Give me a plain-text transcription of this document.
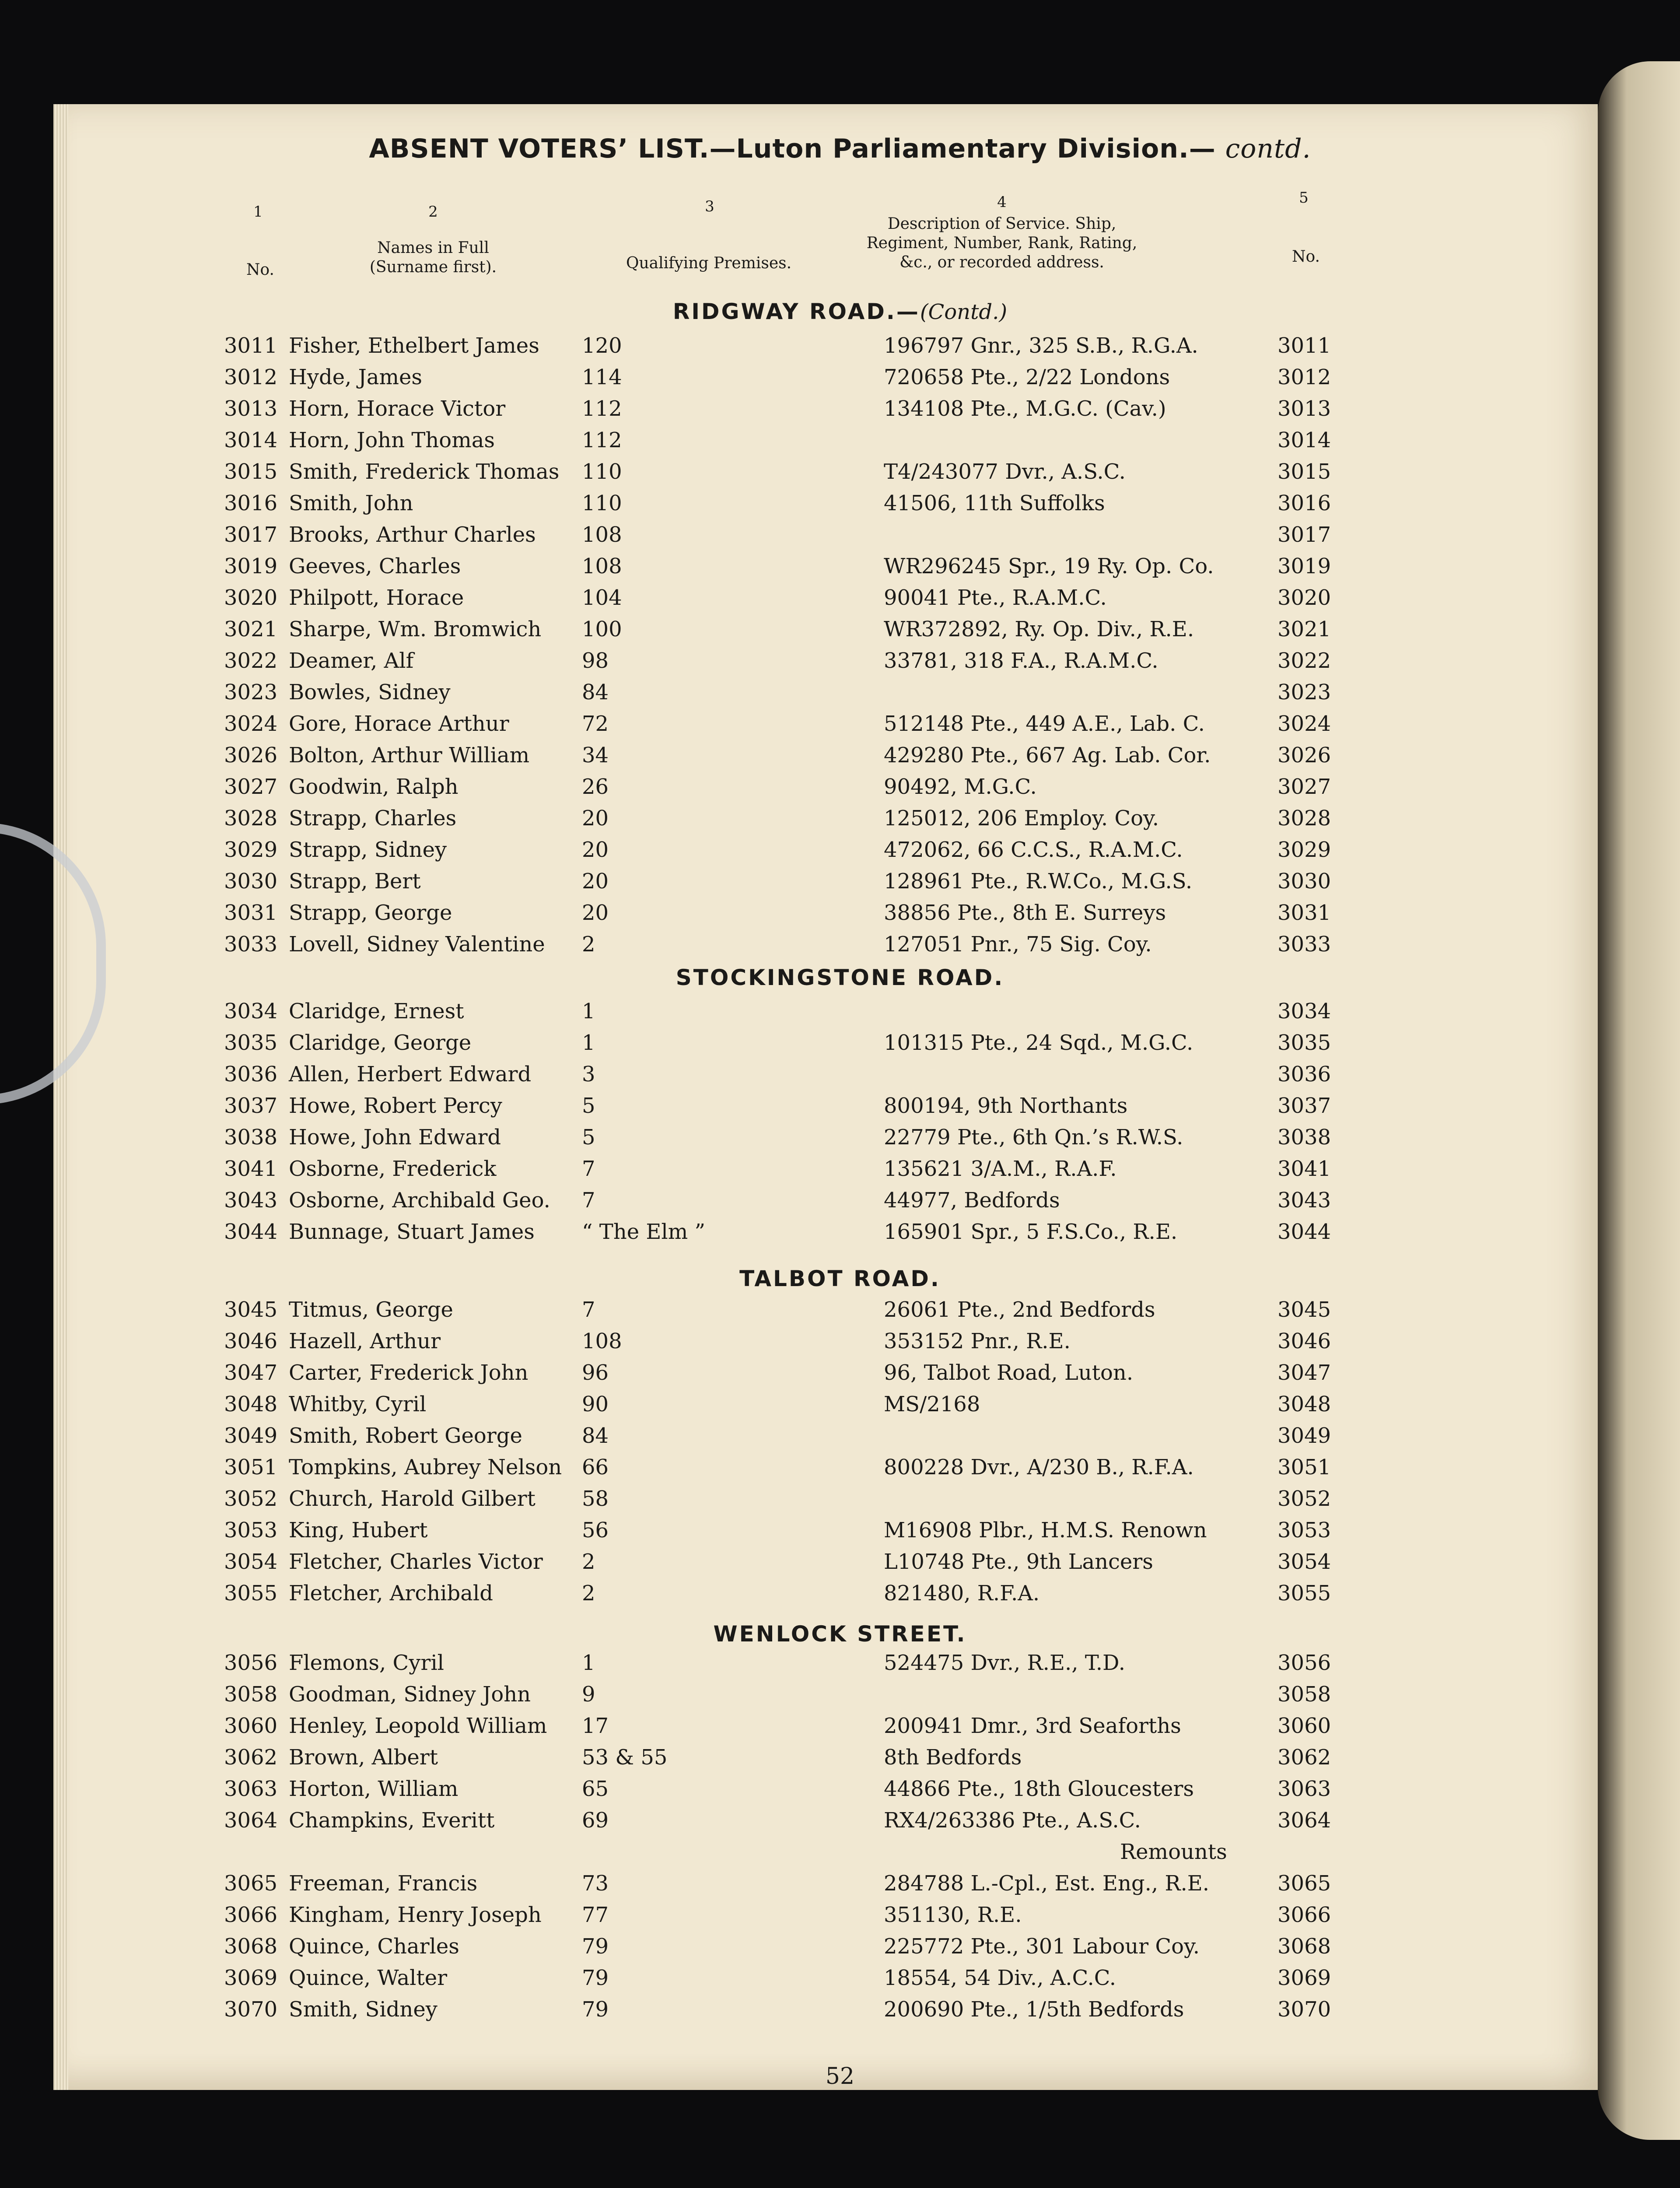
ABSENT VOTERS’ LIST.—Luton Parliamentary Division.— contd.
1	2	3	4	5
No.
Names in Full (Surname first).	Qualifying Premises.
Description of Service. Ship, Regiment, Number, Rank, Rating, &c., or recorded address.	No.
RIDGWAY ROAD.—(Contd.)
3011 Fisher, Ethelbert James 120	196797 Gnr., 325 S.B., R.G.A.	3011
3012 Hyde, James	114	720658 Pte., 2/22 Londons	3012
3013 Horn, Horace Victor	112	134108 Pte., M.G.C. (Cav.)	3013
3014 Horn, John Thomas	112	3014
3015 Smith, Frederick Thomas 110	T4/243077 Dvr., A.S.C.	3015
3016 Smith, John	110	41506, 11th Suffolks	3016
3017 Brooks, Arthur Charles 108	3017
3019 Geeves, Charles	108	WR296245 Spr., 19 Ry. Op. Co.	3019
3020 Philpott, Horace	104	90041 Pte., R.A.M.C.	3020
3021 Sharpe, Wm. Bromwich 100	WR372892, Ry. Op. Div., R.E.	3021
3022 Deamer, Alf	98	33781, 318 F.A., R.A.M.C.	3022
3023 Bowles, Sidney	84	3023
3024 Gore, Horace Arthur	72	512148 Pte., 449 A.E., Lab. C.	3024
3026 Bolton, Arthur William 34	429280 Pte., 667 Ag. Lab. Cor.	3026
3027 Goodwin, Ralph	26	90492, M.G.C.	3027
3028 Strapp, Charles	20	125012, 206 Employ. Coy.	3028
3029 Strapp, Sidney	20	472062, 66 C.C.S., R.A.M.C.	3029
3030 Strapp, Bert	20	128961 Pte., R.W.Co., M.G.S.	3030
3031 Strapp, George	20	38856 Pte., 8th E. Surreys	3031
3033 Lovell, Sidney Valentine 2	127051 Pnr., 75 Sig. Coy.	3033
STOCKINGSTONE ROAD.
3034 Claridge, Ernest	1	3034
3035 Claridge, George	1	101315 Pte., 24 Sqd., M.G.C.	3035
3036 Allen, Herbert Edward 3	3036
3037 Howe, Robert Percy	5	800194, 9th Northants	3037
3038 Howe, John Edward	5	22779 Pte., 6th Qn.’s R.W.S.	3038
3041 Osborne, Frederick	7	135621 3/A.M., R.A.F.	3041
3043 Osborne, Archibald Geo. 7	44977, Bedfords	3043
3044 Bunnage, Stuart James “ The Elm ”	165901 Spr., 5 F.S.Co., R.E.	3044
TALBOT ROAD.
3045 Titmus, George	7	26061 Pte., 2nd Bedfords	3045
3046 Hazell, Arthur	108	353152 Pnr., R.E.	3046
3047 Carter, Frederick John	96	96, Talbot Road, Luton.	3047
3048 Whitby, Cyril	90	MS/2168	3048
3049 Smith, Robert George	84	3049
3051 Tompkins, Aubrey Nelson 66	800228 Dvr., A/230 B., R.F.A.	3051
3052 Church, Harold Gilbert 58	3052
3053 King, Hubert	56	M16908 Plbr., H.M.S. Renown	3053
3054 Fletcher, Charles Victor 2	L10748 Pte., 9th Lancers	3054
3055 Fletcher, Archibald	2	821480, R.F.A.	3055
WENLOCK STREET.
3056 Flemons, Cyril	1	524475 Dvr., R.E., T.D.	3056
3058 Goodman, Sidney John 9	3058
3060 Henley, Leopold William 17	200941 Dmr., 3rd Seaforths	3060
3062 Brown, Albert	53 & 55	8th Bedfords	3062
3063 Horton, William	65	44866 Pte., 18th Gloucesters	3063
3064 Champkins, Everitt	69	RX4/263386 Pte., A.S.C.	3064
Remounts
3065 Freeman, Francis	73	284788 L.-Cpl., Est. Eng., R.E.	3065
3066 Kingham, Henry Joseph 77	351130, R.E.	3066
3068 Quince, Charles	79	225772 Pte., 301 Labour Coy.	3068
3069 Quince, Walter	79	18554, 54 Div., A.C.C.	3069
3070 Smith, Sidney	79	200690 Pte., 1/5th Bedfords	3070
52
